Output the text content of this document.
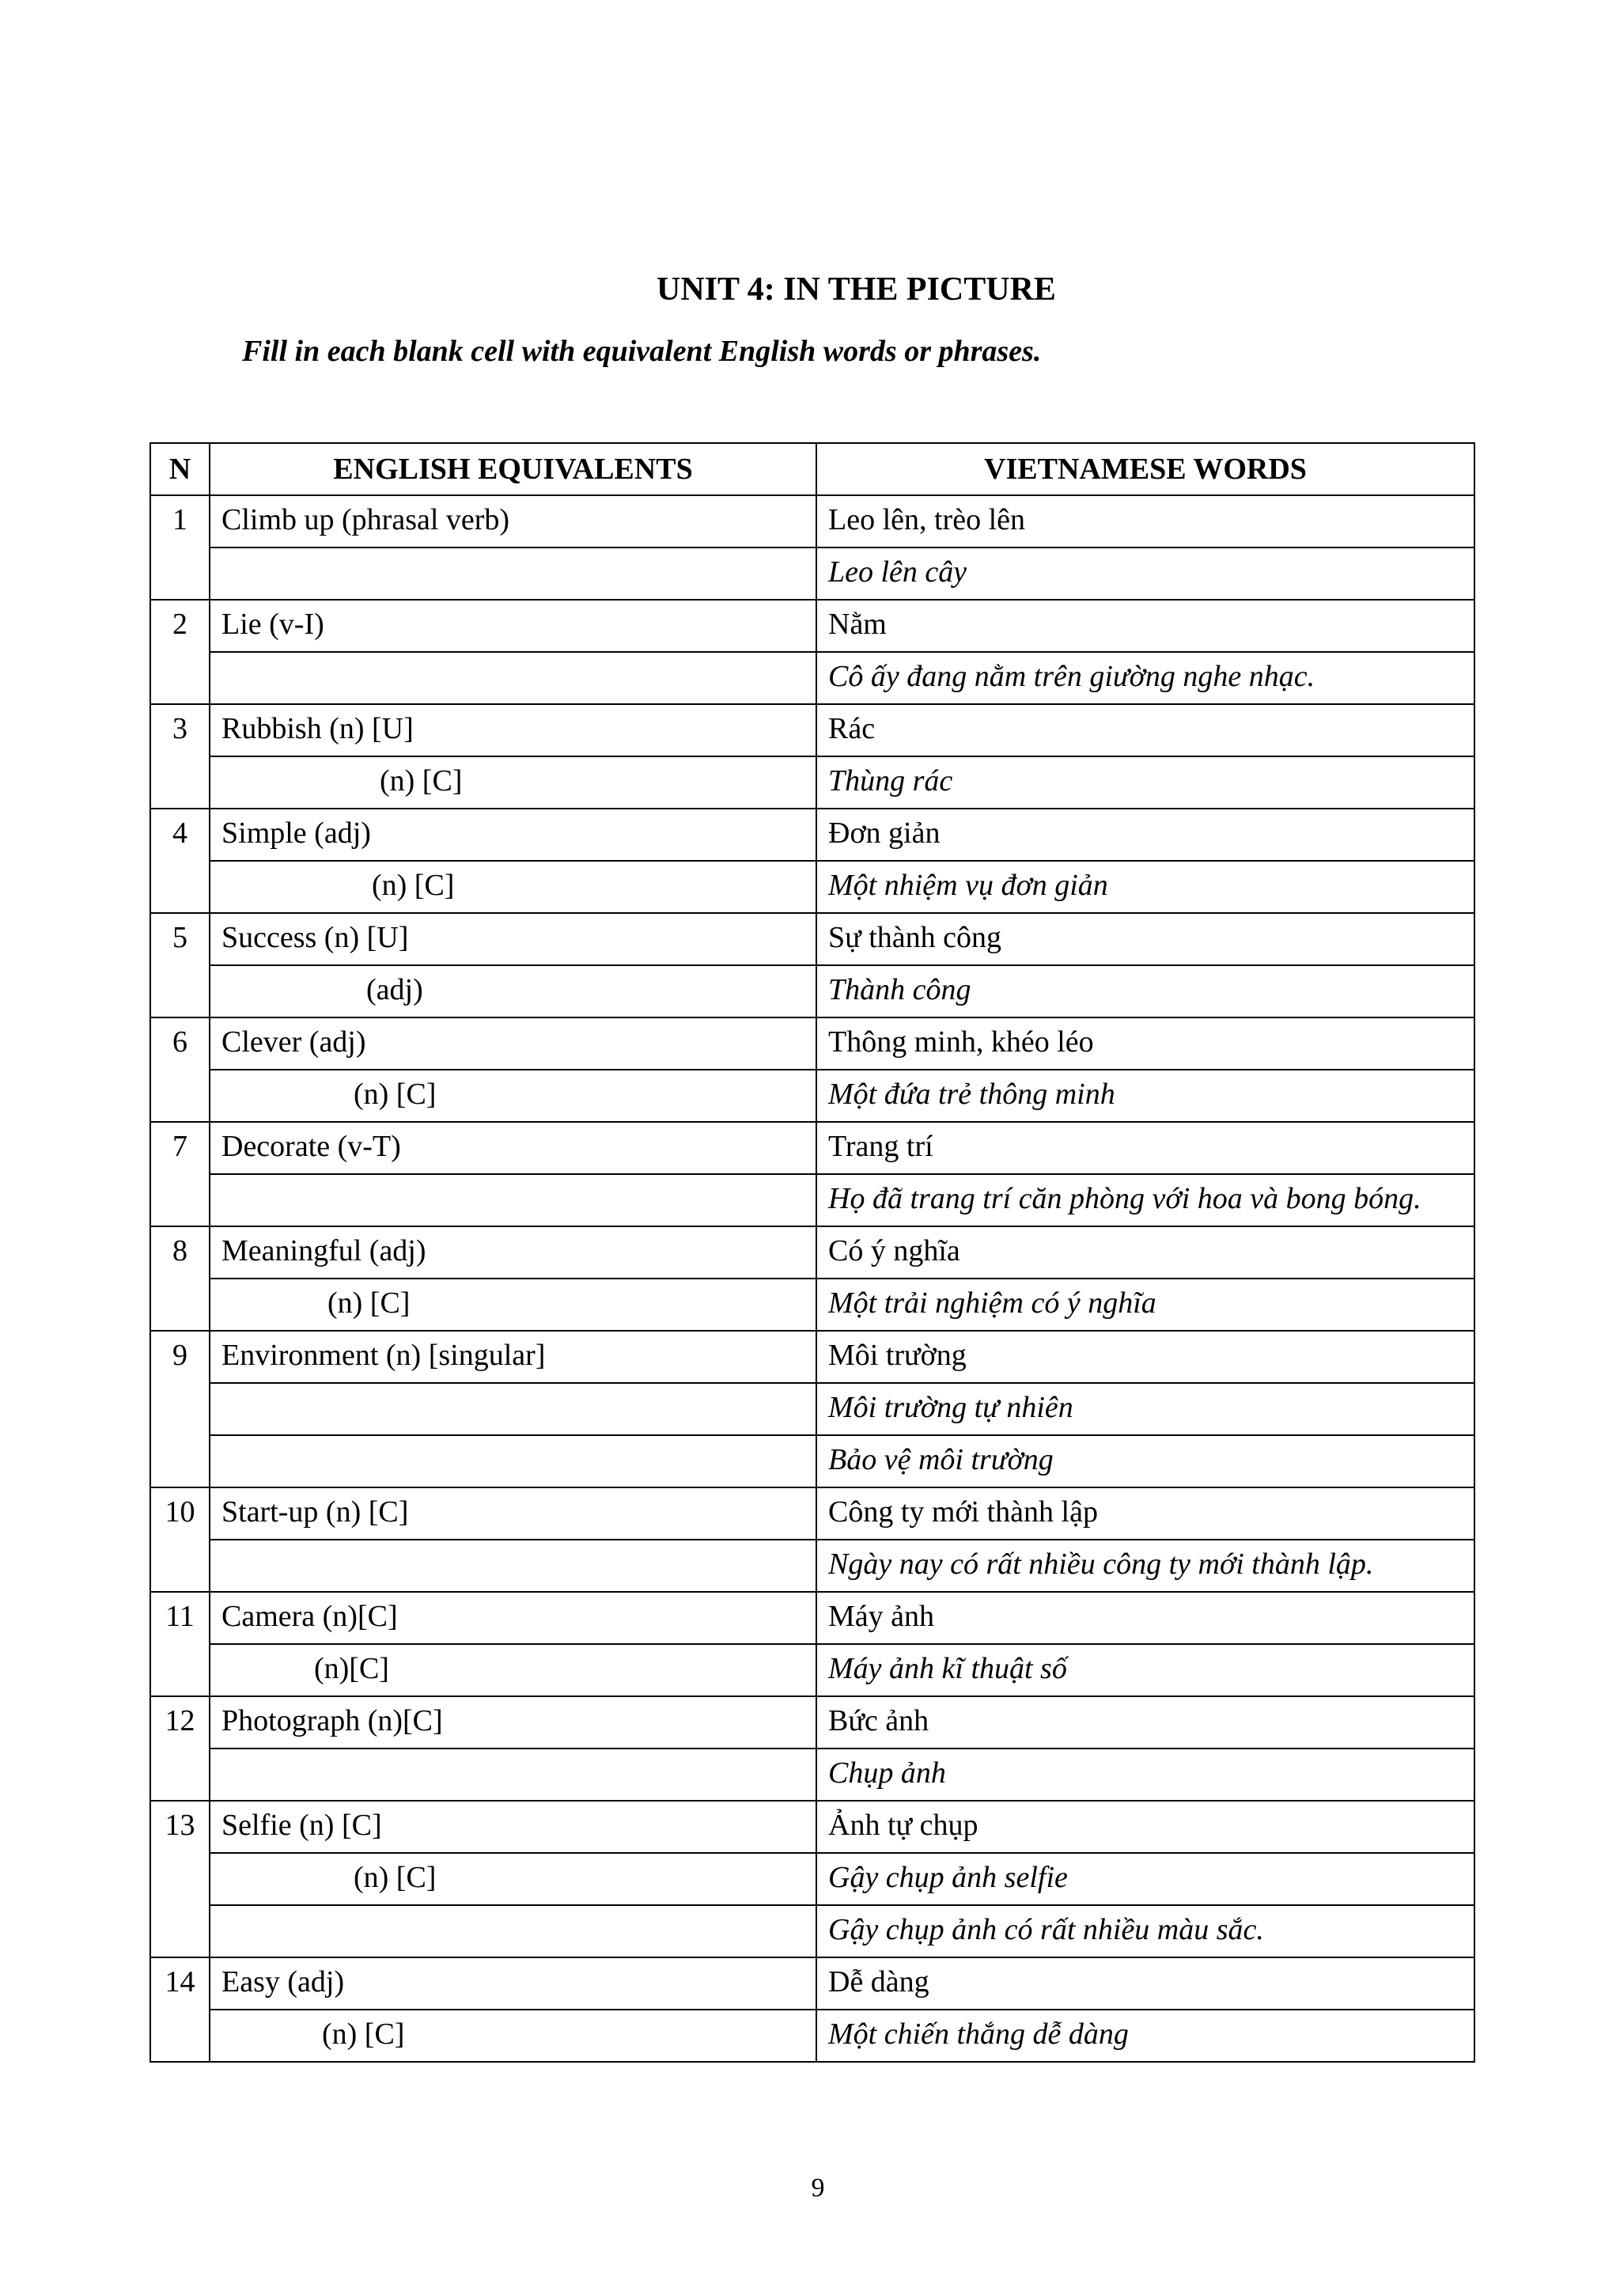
UNIT 4: IN THE PICTURE
Fill in each blank cell with equivalent English words or phrases.
N	ENGLISH EQUIVALENTS	VIETNAMESE WORDS
1	Climb up (phrasal verb)	Leo lên, trèo lên
		Leo lên cây
2	Lie (v-I)	Nằm
		Cô ấy đang nằm trên giường nghe nhạc.
3	Rubbish (n) [U]	Rác
	(n) [C]	Thùng rác
4	Simple (adj)	Đơn giản
	(n) [C]	Một nhiệm vụ đơn giản
5	Success (n) [U]	Sự thành công
	(adj)	Thành công
6	Clever (adj)	Thông minh, khéo léo
	(n) [C]	Một đứa trẻ thông minh
7	Decorate (v-T)	Trang trí
		Họ đã trang trí căn phòng với hoa và bong bóng.
8	Meaningful (adj)	Có ý nghĩa
	(n) [C]	Một trải nghiệm có ý nghĩa
9	Environment (n) [singular]	Môi trường
		Môi trường tự nhiên
		Bảo vệ môi trường
10	Start-up (n) [C]	Công ty mới thành lập
		Ngày nay có rất nhiều công ty mới thành lập.
11	Camera (n)[C]	Máy ảnh
	(n)[C]	Máy ảnh kĩ thuật số
12	Photograph (n)[C]	Bức ảnh
		Chụp ảnh
13	Selfie (n) [C]	Ảnh tự chụp
	(n) [C]	Gậy chụp ảnh selfie
		Gậy chụp ảnh có rất nhiều màu sắc.
14	Easy (adj)	Dễ dàng
	(n) [C]	Một chiến thắng dễ dàng
9
